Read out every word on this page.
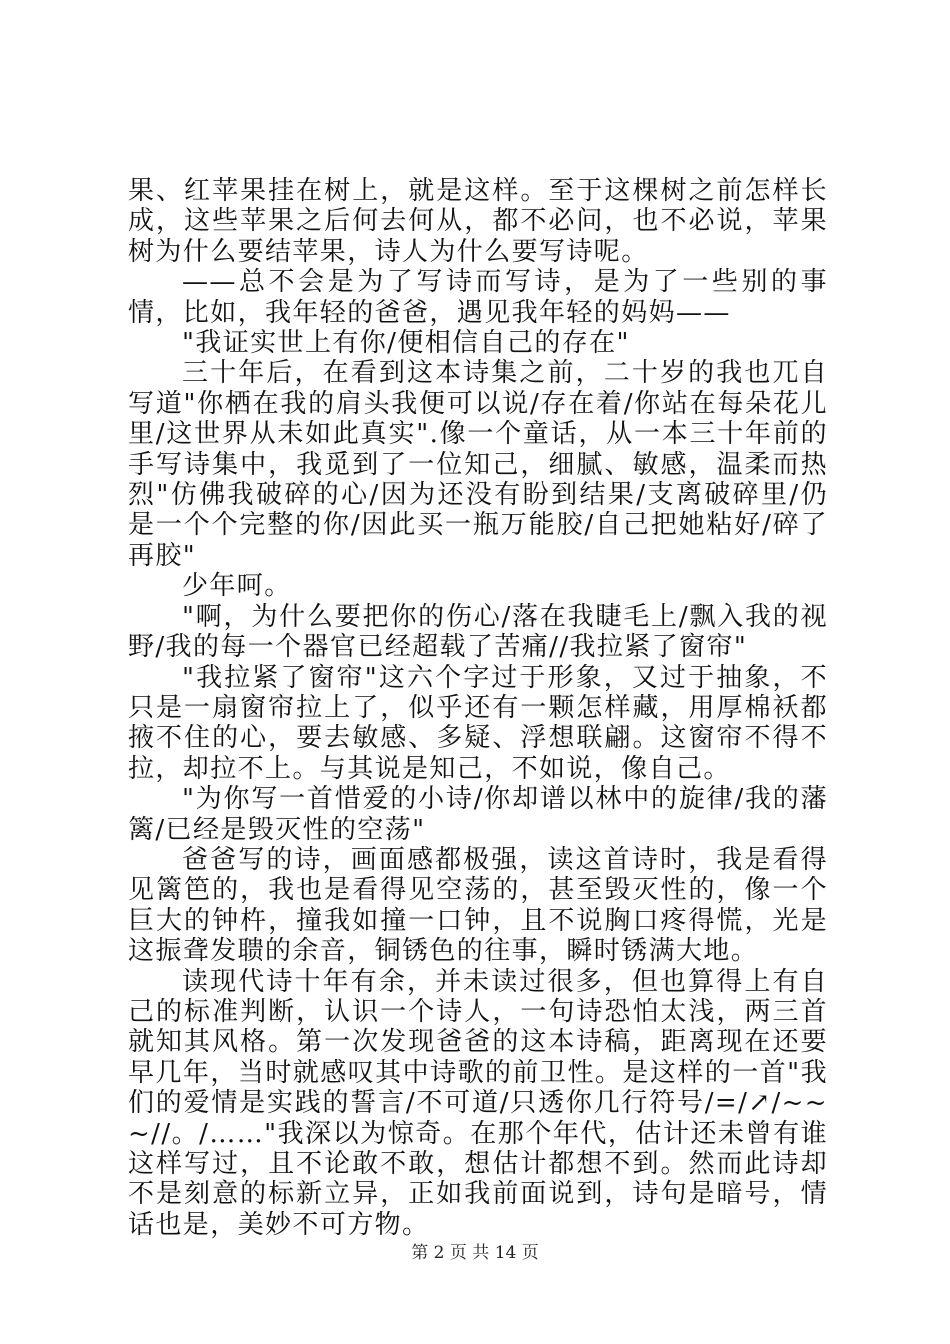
果、红苹果挂在树上，就是这样。至于这棵树之前怎样长成，这些苹果之后何去何从，都不必问，也不必说，苹果树为什么要结苹果，诗人为什么要写诗呢。

——总不会是为了写诗而写诗，是为了一些别的事情，比如，我年轻的爸爸，遇见我年轻的妈妈——

"我证实世上有你/便相信自己的存在"

三十年后，在看到这本诗集之前，二十岁的我也兀自写道"你栖在我的肩头我便可以说/存在着/你站在每朵花儿里/这世界从未如此真实".像一个童话，从一本三十年前的手写诗集中，我觅到了一位知己，细腻、敏感，温柔而热烈"仿佛我破碎的心/因为还没有盼到结果/支离破碎里/仍是一个个完整的你/因此买一瓶万能胶/自己把她粘好/碎了再胶"

少年呵。

"啊，为什么要把你的伤心/落在我睫毛上/飘入我的视野/我的每一个器官已经超载了苦痛//我拉紧了窗帘"

"我拉紧了窗帘"这六个字过于形象，又过于抽象，不只是一扇窗帘拉上了，似乎还有一颗怎样藏，用厚棉袄都掖不住的心，要去敏感、多疑、浮想联翩。这窗帘不得不拉，却拉不上。与其说是知己，不如说，像自己。

"为你写一首惜爱的小诗/你却谱以林中的旋律/我的藩篱/已经是毁灭性的空荡"

爸爸写的诗，画面感都极强，读这首诗时，我是看得见篱笆的，我也是看得见空荡的，甚至毁灭性的，像一个巨大的钟杵，撞我如撞一口钟，且不说胸口疼得慌，光是这振聋发聩的余音，铜锈色的往事，瞬时锈满大地。

读现代诗十年有余，并未读过很多，但也算得上有自己的标准判断，认识一个诗人，一句诗恐怕太浅，两三首就知其风格。第一次发现爸爸的这本诗稿，距离现在还要早几年，当时就感叹其中诗歌的前卫性。是这样的一首"我们的爱情是实践的誓言/不可道/只透你几行符号/=/↗/~~~//。/……"我深以为惊奇。在那个年代，估计还未曾有谁这样写过，且不论敢不敢，想估计都想不到。然而此诗却不是刻意的标新立异，正如我前面说到，诗句是暗号，情话也是，美妙不可方物。

第 2 页 共 14 页
